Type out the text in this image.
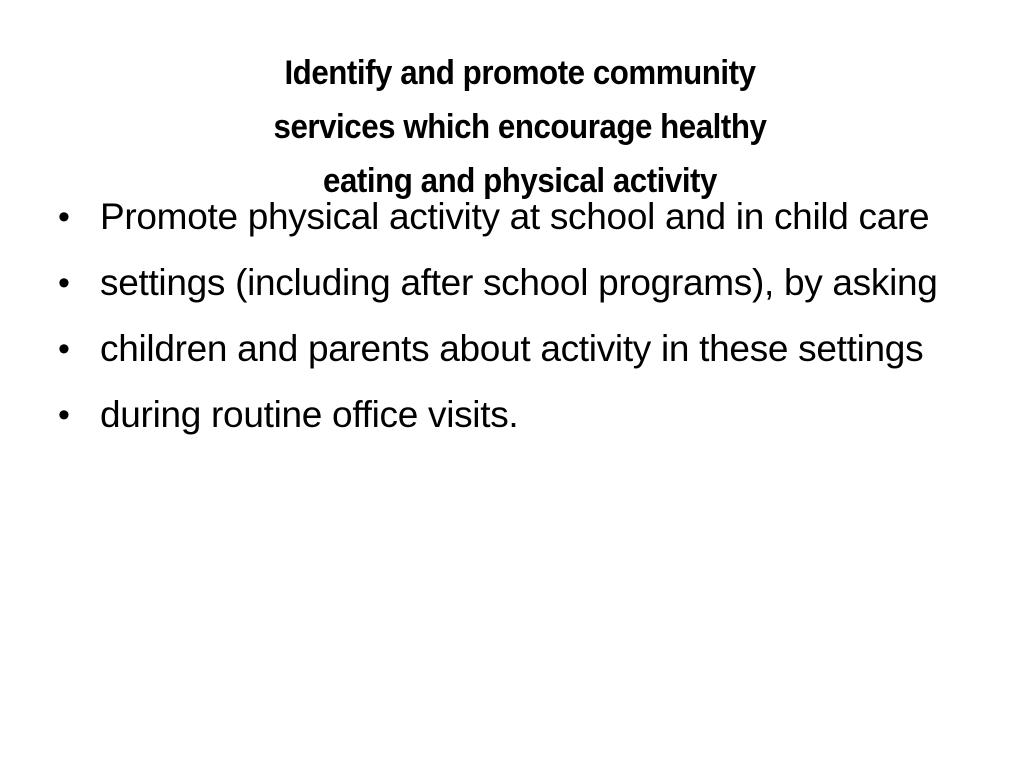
Identify and promote community
services which encourage healthy
eating and physical activity
• Promote physical activity at school and in child care
• settings (including after school programs), by asking
• children and parents about activity in these settings
• during routine office visits.
